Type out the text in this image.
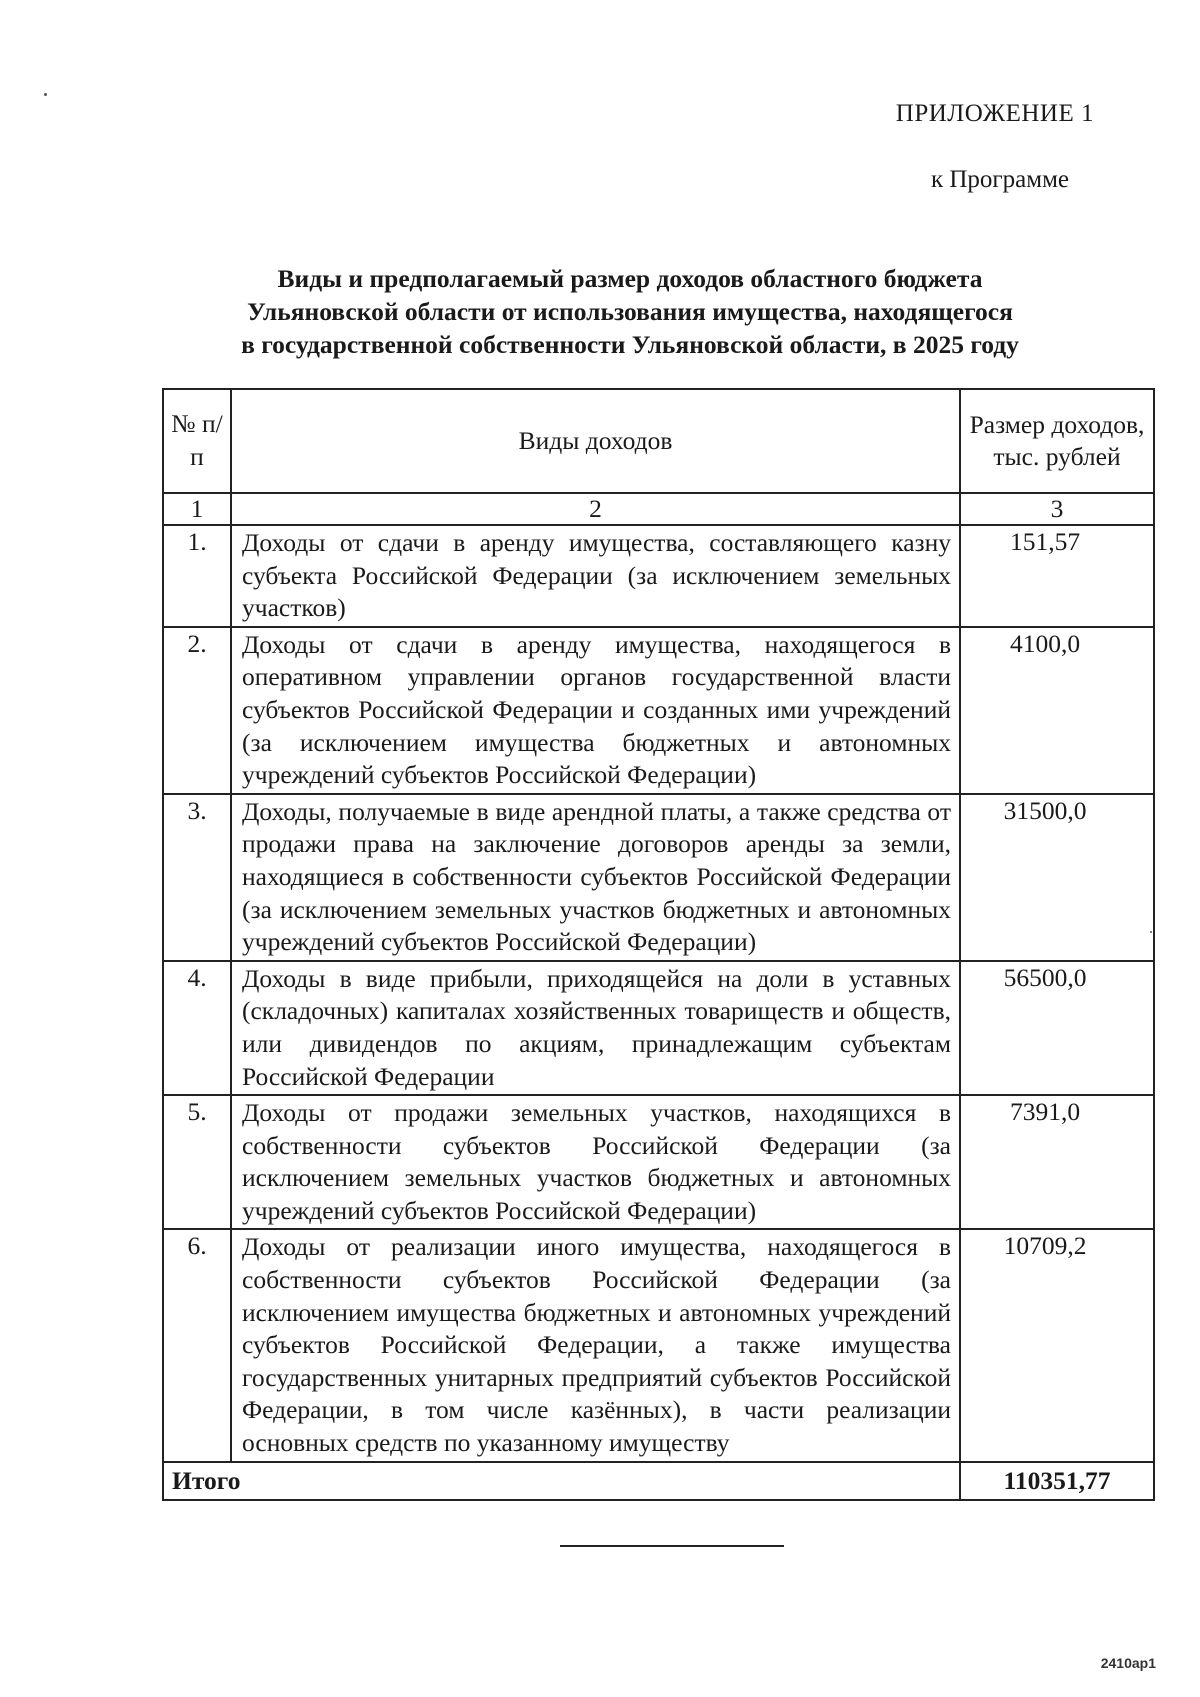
ПРИЛОЖЕНИЕ 1
к Программе
Виды и предполагаемый размер доходов областного бюджета
Ульяновской области от использования имущества, находящегося
в государственной собственности Ульяновской области, в 2025 году
№ п/п	Виды доходов	Размер доходов, тыс. рублей
1	2	3
1.	Доходы от сдачи в аренду имущества, составляющего казну субъекта Российской Федерации (за исключением земельных участков)	151,57
2.	Доходы от сдачи в аренду имущества, находящегося в оперативном управлении органов государственной власти субъектов Российской Федерации и созданных ими учреждений (за исключением имущества бюджетных и автономных учреждений субъектов Российской Федерации)	4100,0
3.	Доходы, получаемые в виде арендной платы, а также средства от продажи права на заключение договоров аренды за земли, находящиеся в собственности субъектов Российской Федерации (за исключением земельных участков бюджетных и автономных учреждений субъектов Российской Федерации)	31500,0
4.	Доходы в виде прибыли, приходящейся на доли в уставных (складочных) капиталах хозяйственных товариществ и обществ, или дивидендов по акциям, принадлежащим субъектам Российской Федерации	56500,0
5.	Доходы от продажи земельных участков, находящихся в собственности субъектов Российской Федерации (за исключением земельных участков бюджетных и автономных учреждений субъектов Российской Федерации)	7391,0
6.	Доходы от реализации иного имущества, находящегося в собственности субъектов Российской Федерации (за исключением имущества бюджетных и автономных учреждений субъектов Российской Федерации, а также имущества государственных унитарных предприятий субъектов Российской Федерации, в том числе казённых), в части реализации основных средств по указанному имуществу	10709,2
Итого		110351,77
2410ap1
